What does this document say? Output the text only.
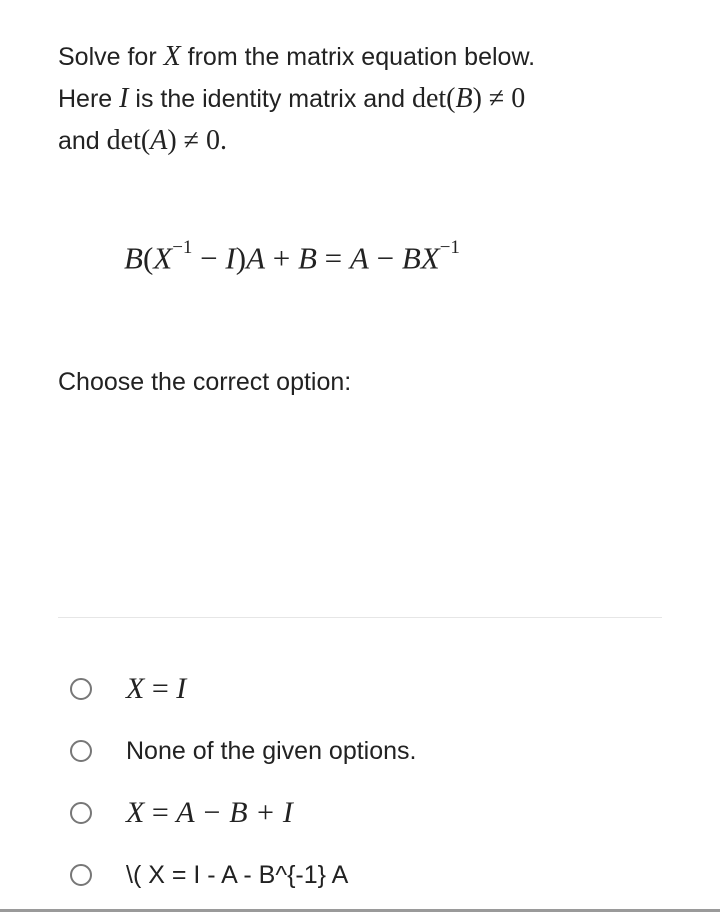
Solve for X from the matrix equation below.
Here I is the identity matrix and det(B) ≠ 0
and det(A) ≠ 0.
$B(X^{-1} - I)A + B = A - BX^{-1}$
Choose the correct option:
X = I
None of the given options.
X = A − B + I
\( X = I - A - B^{-1} A
